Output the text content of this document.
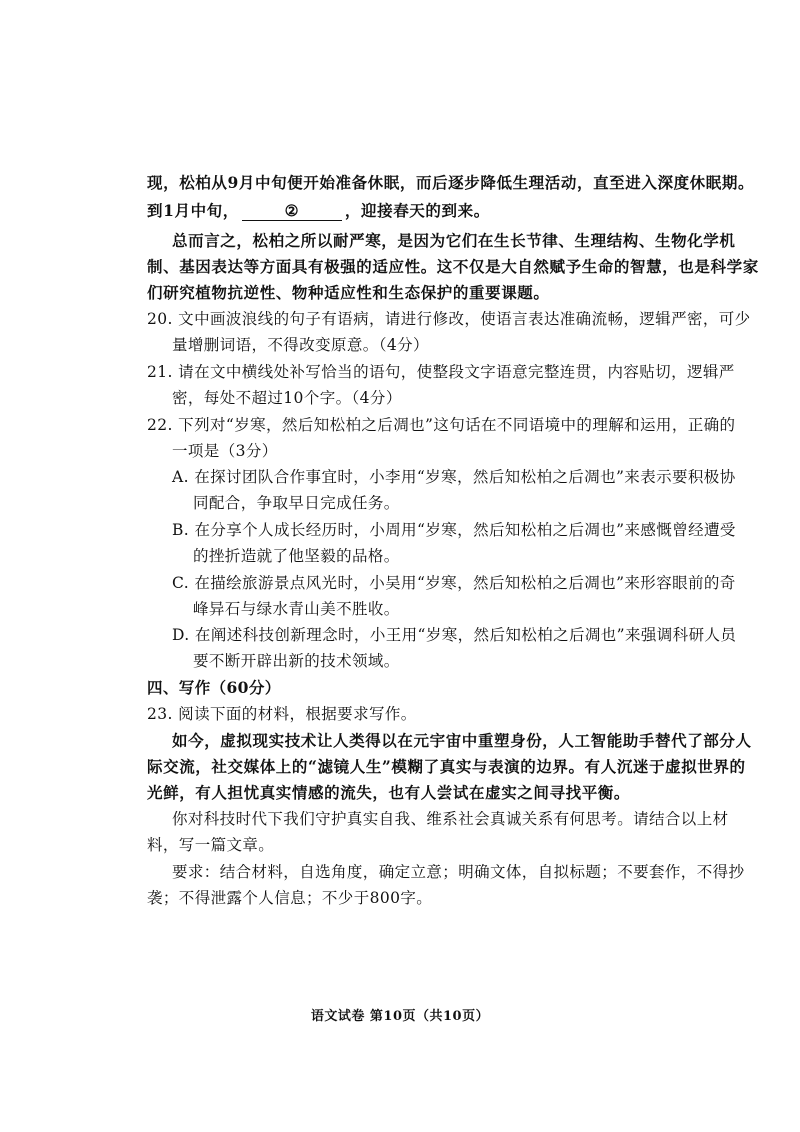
现，松柏从9月中旬便开始准备休眠，而后逐步降低生理活动，直至进入深度休眠期。
到1月中旬，	②	，迎接春天的到来。
总而言之，松柏之所以耐严寒，是因为它们在生长节律、生理结构、生物化学机
制、基因表达等方面具有极强的适应性。这不仅是大自然赋予生命的智慧，也是科学家
们研究植物抗逆性、物种适应性和生态保护的重要课题。
20. 文中画波浪线的句子有语病，请进行修改，使语言表达准确流畅，逻辑严密，可少
量增删词语，不得改变原意。（4分）
21. 请在文中横线处补写恰当的语句，使整段文字语意完整连贯，内容贴切，逻辑严
密，每处不超过10个字。（4分）
22. 下列对“岁寒，然后知松柏之后凋也”这句话在不同语境中的理解和运用，正确的
一项是（3分）
A. 在探讨团队合作事宜时，小李用“岁寒，然后知松柏之后凋也”来表示要积极协
同配合，争取早日完成任务。
B. 在分享个人成长经历时，小周用“岁寒，然后知松柏之后凋也”来感慨曾经遭受
的挫折造就了他坚毅的品格。
C. 在描绘旅游景点风光时，小吴用“岁寒，然后知松柏之后凋也”来形容眼前的奇
峰异石与绿水青山美不胜收。
D. 在阐述科技创新理念时，小王用“岁寒，然后知松柏之后凋也”来强调科研人员
要不断开辟出新的技术领域。
四、写作（60分）
23. 阅读下面的材料，根据要求写作。
如今，虚拟现实技术让人类得以在元宇宙中重塑身份，人工智能助手替代了部分人
际交流，社交媒体上的“滤镜人生”模糊了真实与表演的边界。有人沉迷于虚拟世界的
光鲜，有人担忧真实情感的流失，也有人尝试在虚实之间寻找平衡。
你对科技时代下我们守护真实自我、维系社会真诚关系有何思考。请结合以上材
料，写一篇文章。
要求：结合材料，自选角度，确定立意；明确文体，自拟标题；不要套作，不得抄
袭；不得泄露个人信息；不少于800字。
语文试卷 第10页（共10页）
